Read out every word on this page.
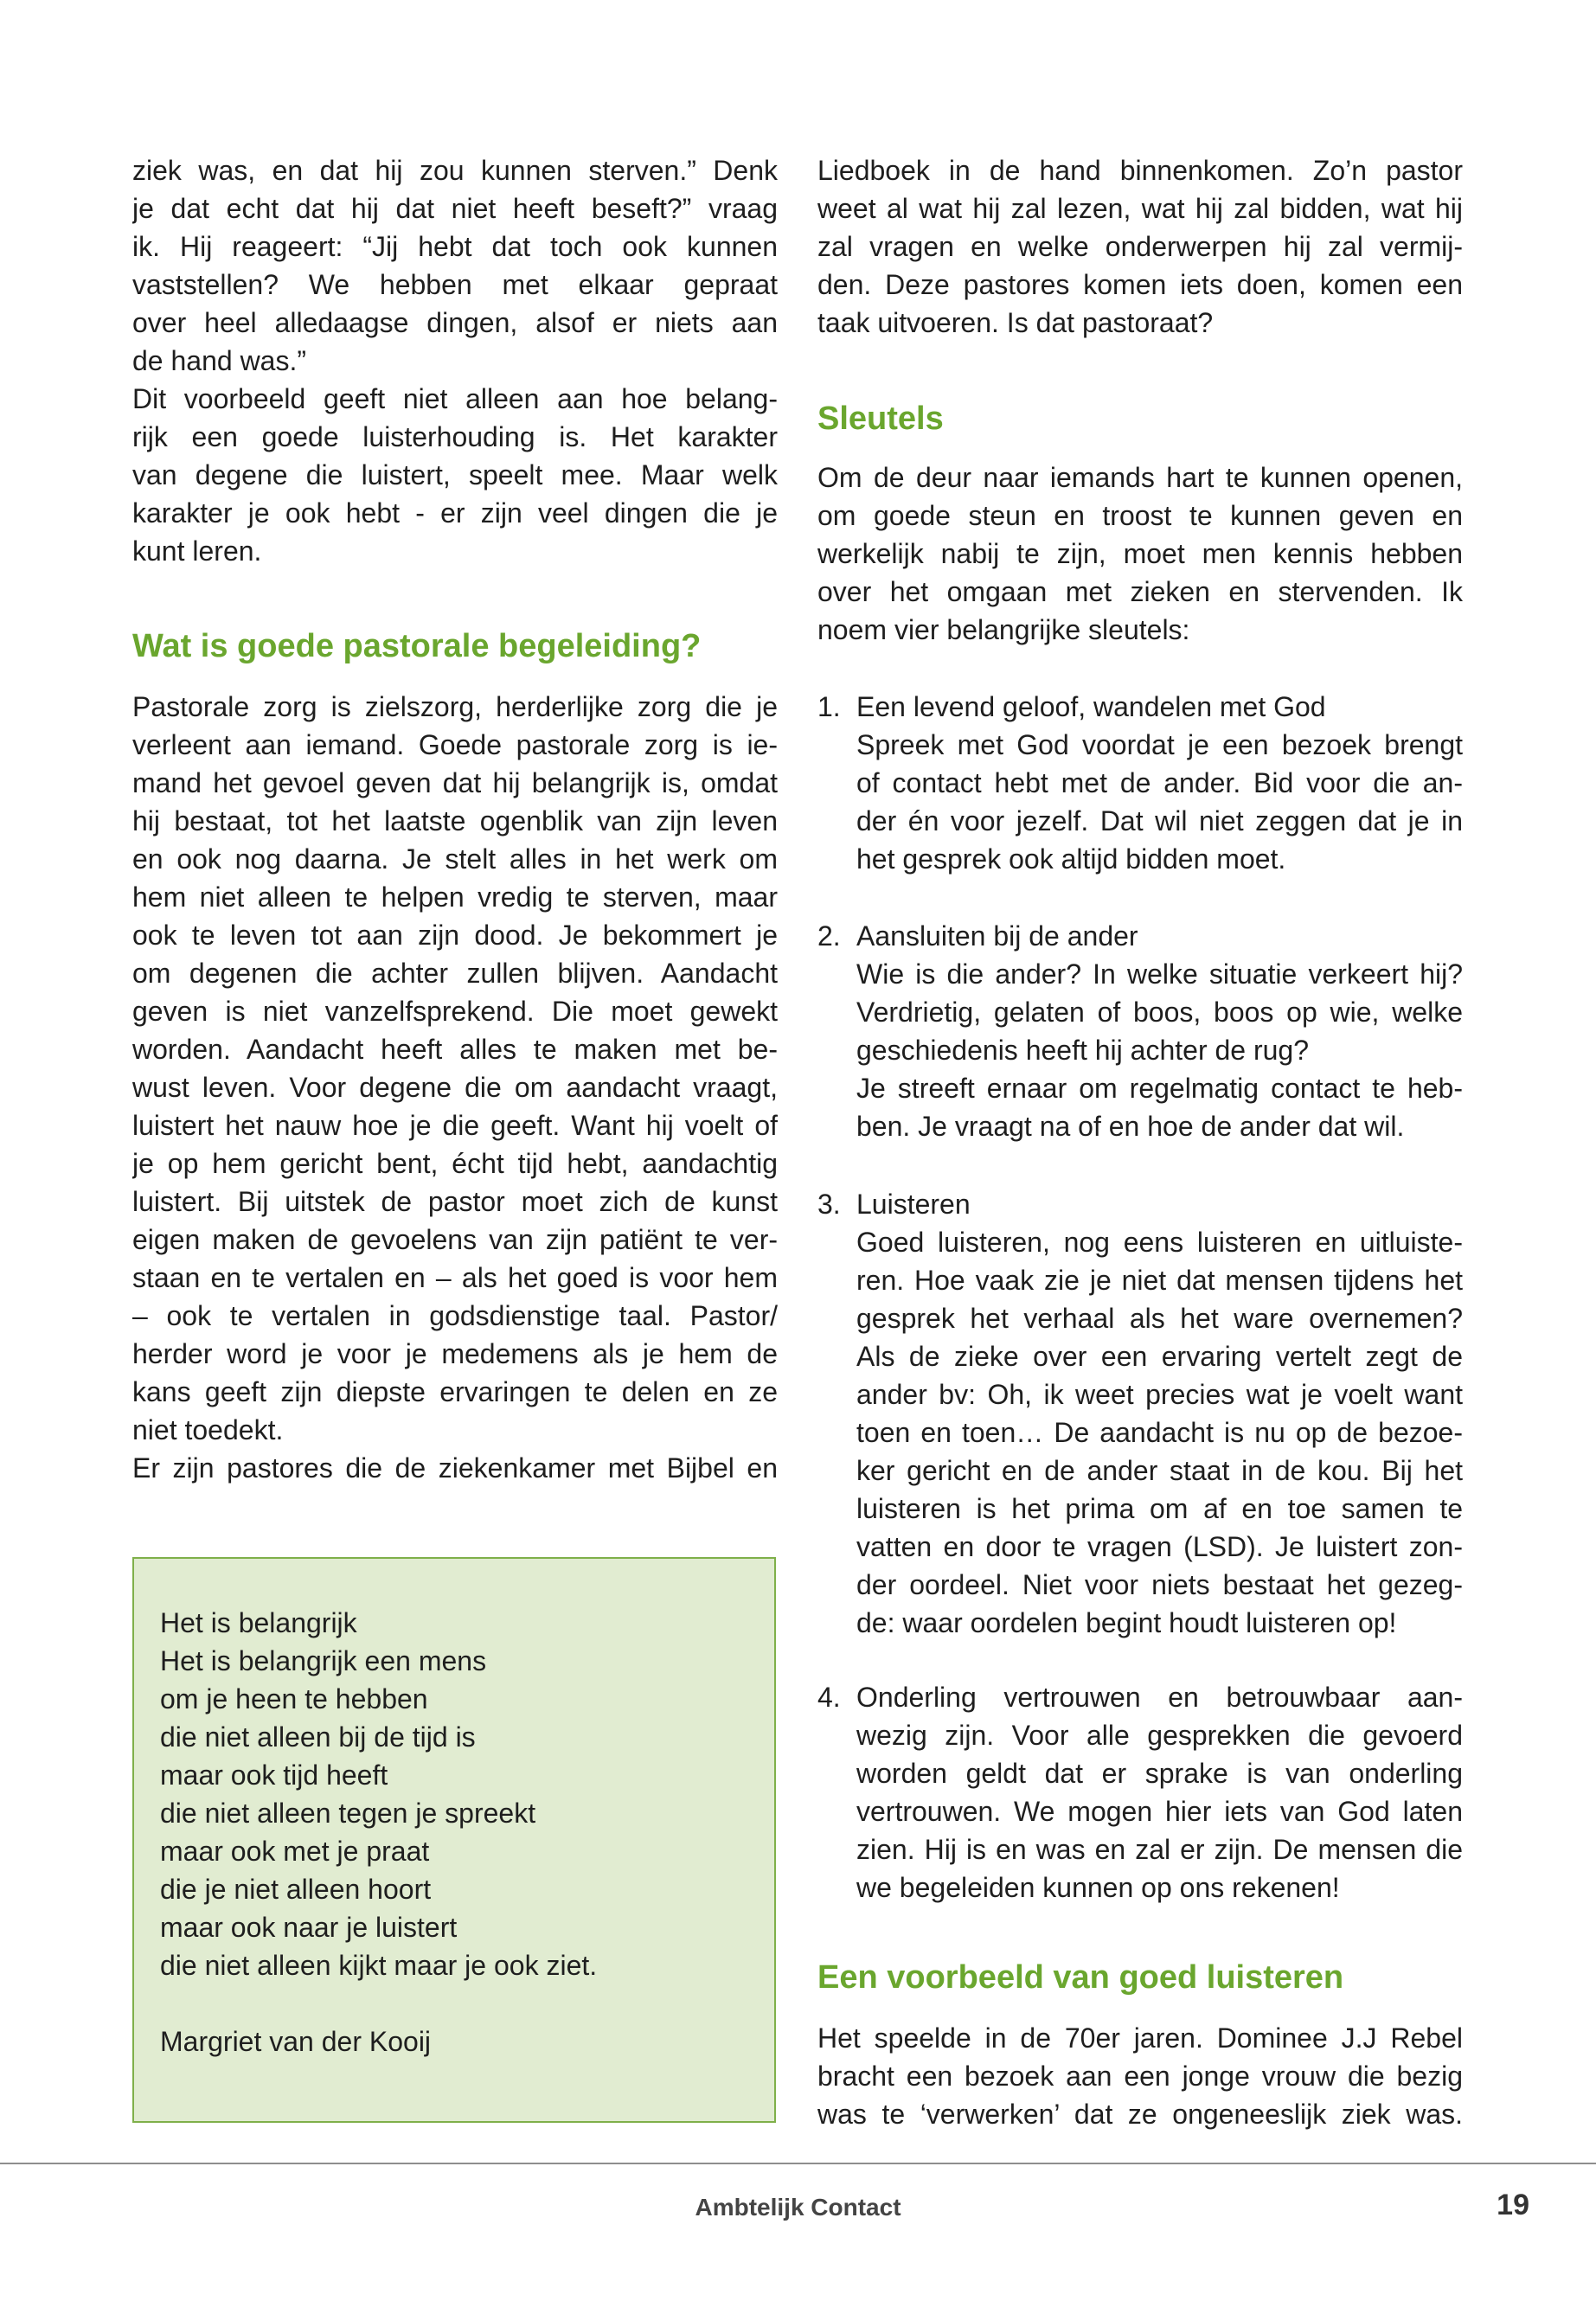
ziek was, en dat hij zou kunnen sterven.” Denk
je dat echt dat hij dat niet heeft beseft?” vraag
ik. Hij reageert: “Jij hebt dat toch ook kunnen
vaststellen? We hebben met elkaar gepraat
over heel alledaagse dingen, alsof er niets aan
de hand was.”
Dit voorbeeld geeft niet alleen aan hoe belang-
rijk een goede luisterhouding is. Het karakter
van degene die luistert, speelt mee. Maar welk
karakter je ook hebt - er zijn veel dingen die je
kunt leren.
Wat is goede pastorale begeleiding?
Pastorale zorg is zielszorg, herderlijke zorg die je
verleent aan iemand. Goede pastorale zorg is ie-
mand het gevoel geven dat hij belangrijk is, omdat
hij bestaat, tot het laatste ogenblik van zijn leven
en ook nog daarna. Je stelt alles in het werk om
hem niet alleen te helpen vredig te sterven, maar
ook te leven tot aan zijn dood. Je bekommert je
om degenen die achter zullen blijven. Aandacht
geven is niet vanzelfsprekend. Die moet gewekt
worden. Aandacht heeft alles te maken met be-
wust leven. Voor degene die om aandacht vraagt,
luistert het nauw hoe je die geeft. Want hij voelt of
je op hem gericht bent, écht tijd hebt, aandachtig
luistert. Bij uitstek de pastor moet zich de kunst
eigen maken de gevoelens van zijn patiënt te ver-
staan en te vertalen en – als het goed is voor hem
– ook te vertalen in godsdienstige taal. Pastor/
herder word je voor je medemens als je hem de
kans geeft zijn diepste ervaringen te delen en ze
niet toedekt.
Er zijn pastores die de ziekenkamer met Bijbel en
Het is belangrijk
Het is belangrijk een mens
om je heen te hebben
die niet alleen bij de tijd is
maar ook tijd heeft
die niet alleen tegen je spreekt
maar ook met je praat
die je niet alleen hoort
maar ook naar je luistert
die niet alleen kijkt maar je ook ziet.
Margriet van der Kooij
Liedboek in de hand binnenkomen. Zo’n pastor
weet al wat hij zal lezen, wat hij zal bidden, wat hij
zal vragen en welke onderwerpen hij zal vermij-
den. Deze pastores komen iets doen, komen een
taak uitvoeren. Is dat pastoraat?
Sleutels
Om de deur naar iemands hart te kunnen openen,
om goede steun en troost te kunnen geven en
werkelijk nabij te zijn, moet men kennis hebben
over het omgaan met zieken en stervenden. Ik
noem vier belangrijke sleutels:
1. Een levend geloof, wandelen met God
Spreek met God voordat je een bezoek brengt
of contact hebt met de ander. Bid voor die an-
der én voor jezelf. Dat wil niet zeggen dat je in
het gesprek ook altijd bidden moet.
2. Aansluiten bij de ander
Wie is die ander? In welke situatie verkeert hij?
Verdrietig, gelaten of boos, boos op wie, welke
geschiedenis heeft hij achter de rug?
Je streeft ernaar om regelmatig contact te heb-
ben. Je vraagt na of en hoe de ander dat wil.
3. Luisteren
Goed luisteren, nog eens luisteren en uitluiste-
ren. Hoe vaak zie je niet dat mensen tijdens het
gesprek het verhaal als het ware overnemen?
Als de zieke over een ervaring vertelt zegt de
ander bv: Oh, ik weet precies wat je voelt want
toen en toen… De aandacht is nu op de bezoe-
ker gericht en de ander staat in de kou. Bij het
luisteren is het prima om af en toe samen te
vatten en door te vragen (LSD). Je luistert zon-
der oordeel. Niet voor niets bestaat het gezeg-
de: waar oordelen begint houdt luisteren op!
4. Onderling vertrouwen en betrouwbaar aan-
wezig zijn. Voor alle gesprekken die gevoerd
worden geldt dat er sprake is van onderling
vertrouwen. We mogen hier iets van God laten
zien. Hij is en was en zal er zijn. De mensen die
we begeleiden kunnen op ons rekenen!
Een voorbeeld van goed luisteren
Het speelde in de 70er jaren. Dominee J.J Rebel
bracht een bezoek aan een jonge vrouw die bezig
was te ‘verwerken’ dat ze ongeneeslijk ziek was.
Ambtelijk Contact	19
